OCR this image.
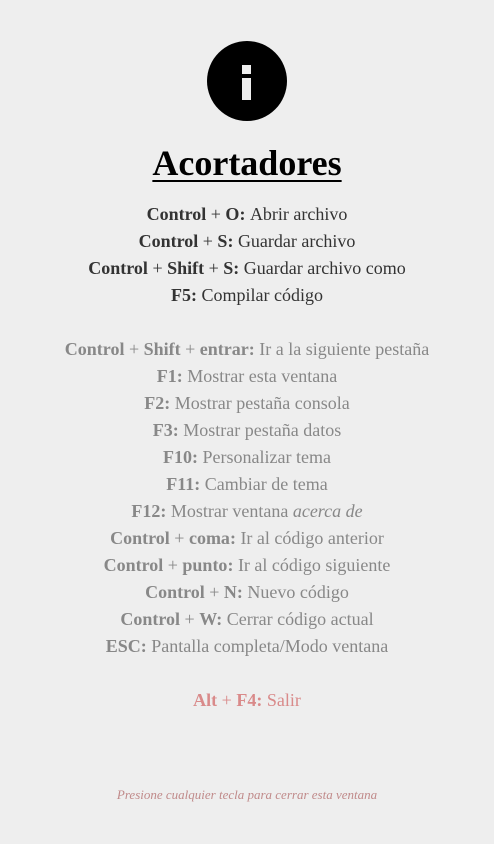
Acortadores
Control + O: Abrir archivo
Control + S: Guardar archivo
Control + Shift + S: Guardar archivo como
F5: Compilar código
Control + Shift + entrar: Ir a la siguiente pestaña
F1: Mostrar esta ventana
F2: Mostrar pestaña consola
F3: Mostrar pestaña datos
F10: Personalizar tema
F11: Cambiar de tema
F12: Mostrar ventana acerca de
Control + coma: Ir al código anterior
Control + punto: Ir al código siguiente
Control + N: Nuevo código
Control + W: Cerrar código actual
ESC: Pantalla completa/Modo ventana
Alt + F4: Salir
Presione cualquier tecla para cerrar esta ventana
